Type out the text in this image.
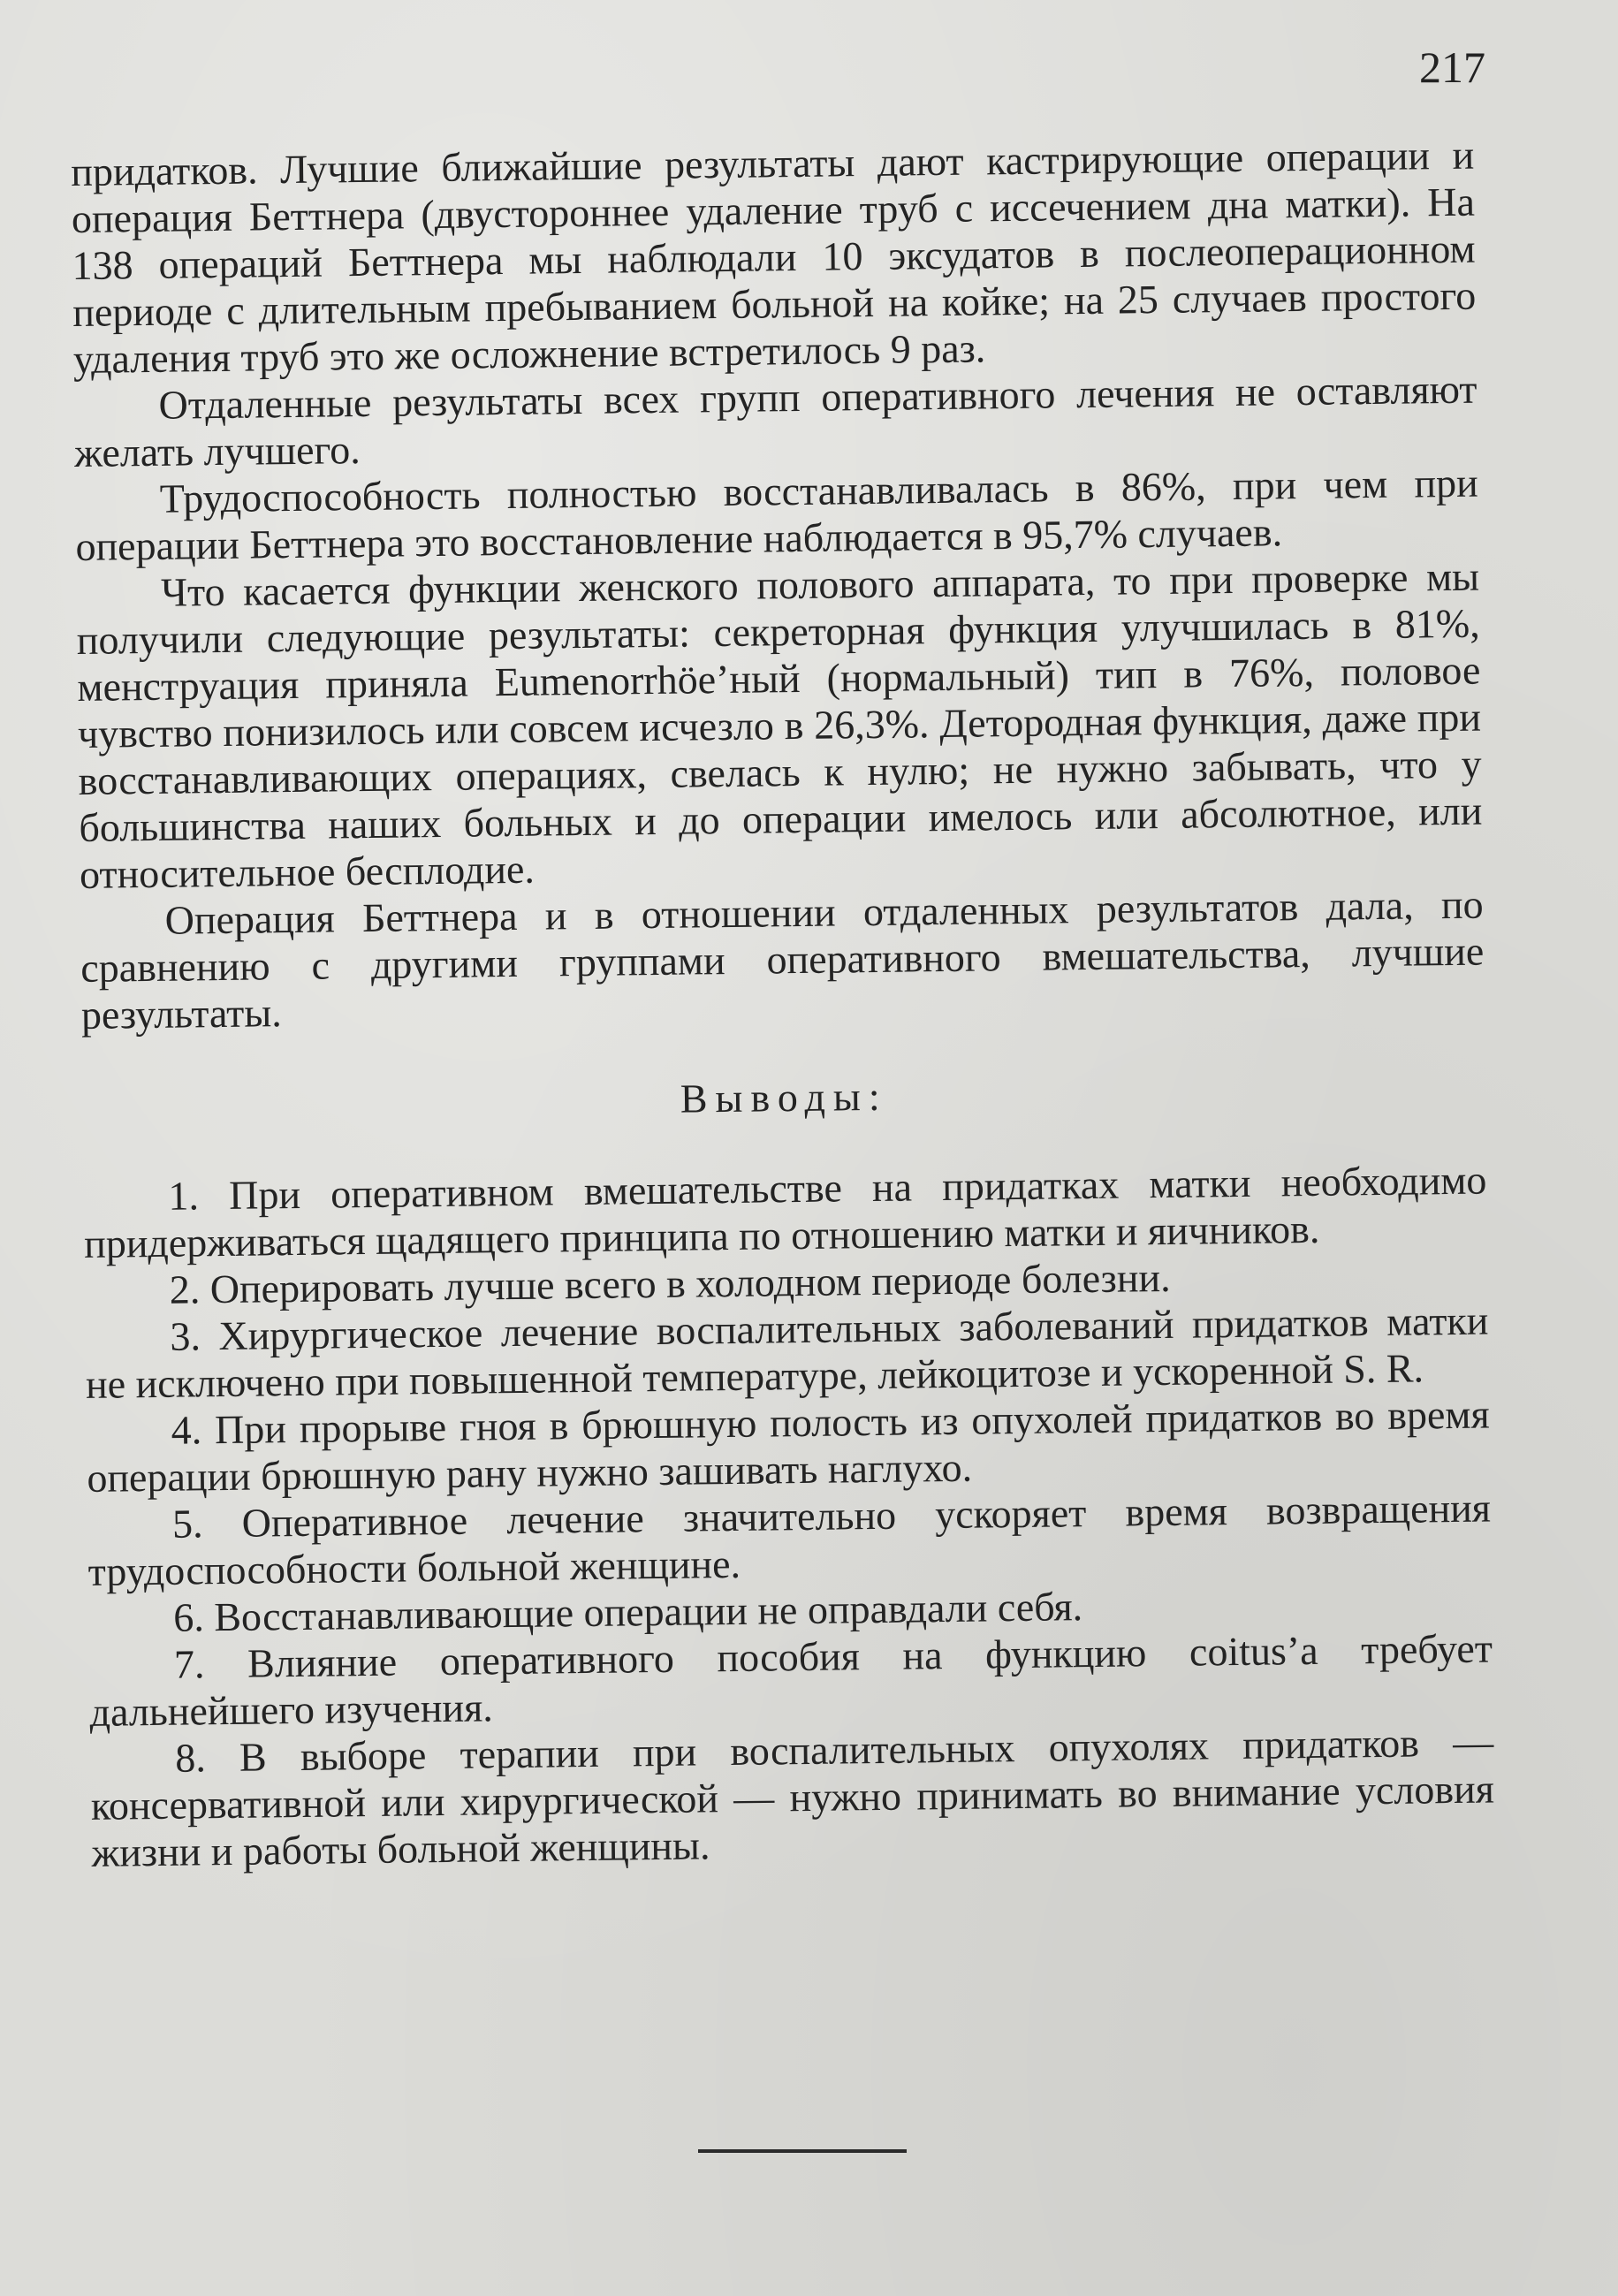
217

придатков. Лучшие ближайшие результаты дают кастрирующие операции и операция Беттнера (двустороннее удаление труб с иссечением дна матки). На 138 операций Беттнера мы наблюдали 10 эксудатов в послеоперационном периоде с длительным пребыванием больной на койке; на 25 случаев простого удаления труб это же осложнение встретилось 9 раз.

Отдаленные результаты всех групп оперативного лечения не оставляют желать лучшего.

Трудоспособность полностью восстанавливалась в 86%, при чем при операции Беттнера это восстановление наблюдается в 95,7% случаев.

Что касается функции женского полового аппарата, то при проверке мы получили следующие результаты: секреторная функция улучшилась в 81%, менструация приняла Eumenorrhöe’ный (нормальный) тип в 76%, половое чувство понизилось или совсем исчезло в 26,3%. Детородная функция, даже при восстанавливающих операциях, свелась к нулю; не нужно забывать, что у большинства наших больных и до операции имелось или абсолютное, или относительное бесплодие.

Операция Беттнера и в отношении отдаленных результатов дала, по сравнению с другими группами оперативного вмешательства, лучшие результаты.

Выводы:
1. При оперативном вмешательстве на придатках матки необходимо придерживаться щадящего принципа по отношению матки и яичников.
2. Оперировать лучше всего в холодном периоде болезни.
3. Хирургическое лечение воспалительных заболеваний придатков матки не исключено при повышенной температуре, лейкоцитозе и ускоренной S. R.
4. При прорыве гноя в брюшную полость из опухолей придатков во время операции брюшную рану нужно зашивать наглухо.
5. Оперативное лечение значительно ускоряет время возвращения трудоспособности больной женщине.
6. Восстанавливающие операции не оправдали себя.
7. Влияние оперативного пособия на функцию coitus’a требует дальнейшего изучения.
8. В выборе терапии при воспалительных опухолях придатков — консервативной или хирургической — нужно принимать во внимание условия жизни и работы больной женщины.
